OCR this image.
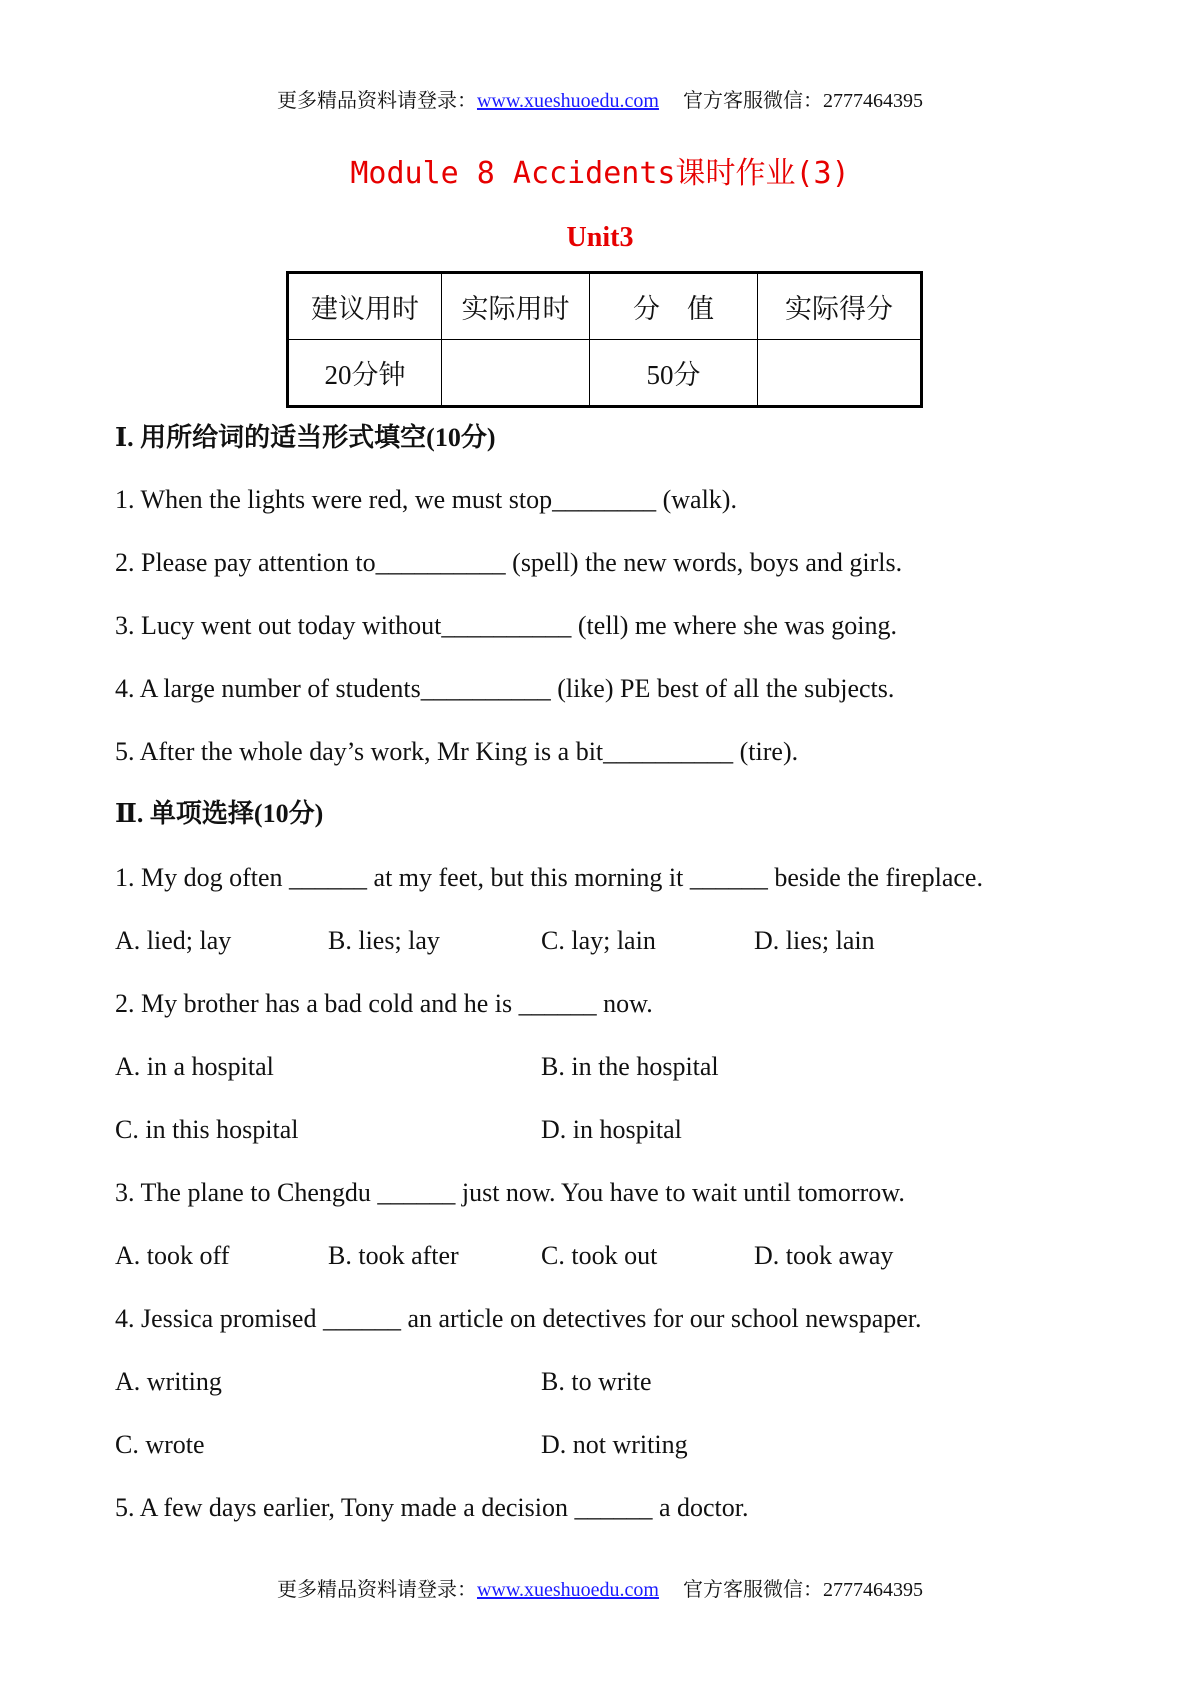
更多精品资料请登录：www.xueshuoedu.com 官方客服微信：2777464395
Module 8 Accidents课时作业(3)
Unit3
建议用时	实际用时	分　值	实际得分
20分钟		50分	
Ⅰ. 用所给词的适当形式填空(10分)
1. When the lights were red, we must stop________ (walk).
2. Please pay attention to__________ (spell) the new words, boys and girls.
3. Lucy went out today without__________ (tell) me where she was going.
4. A large number of students__________ (like) PE best of all the subjects.
5. After the whole day’s work, Mr King is a bit__________ (tire).
Ⅱ. 单项选择(10分)
1. My dog often ______ at my feet, but this morning it ______ beside the fireplace.
A. lied; lay	B. lies; lay	C. lay; lain	D. lies; lain
2. My brother has a bad cold and he is ______ now.
A. in a hospital	B. in the hospital
C. in this hospital	D. in hospital
3. The plane to Chengdu ______ just now. You have to wait until tomorrow.
A. took off	B. took after	C. took out	D. took away
4. Jessica promised ______ an article on detectives for our school newspaper.
A. writing	B. to write
C. wrote	D. not writing
5. A few days earlier, Tony made a decision ______ a doctor.
更多精品资料请登录：www.xueshuoedu.com 官方客服微信：2777464395
